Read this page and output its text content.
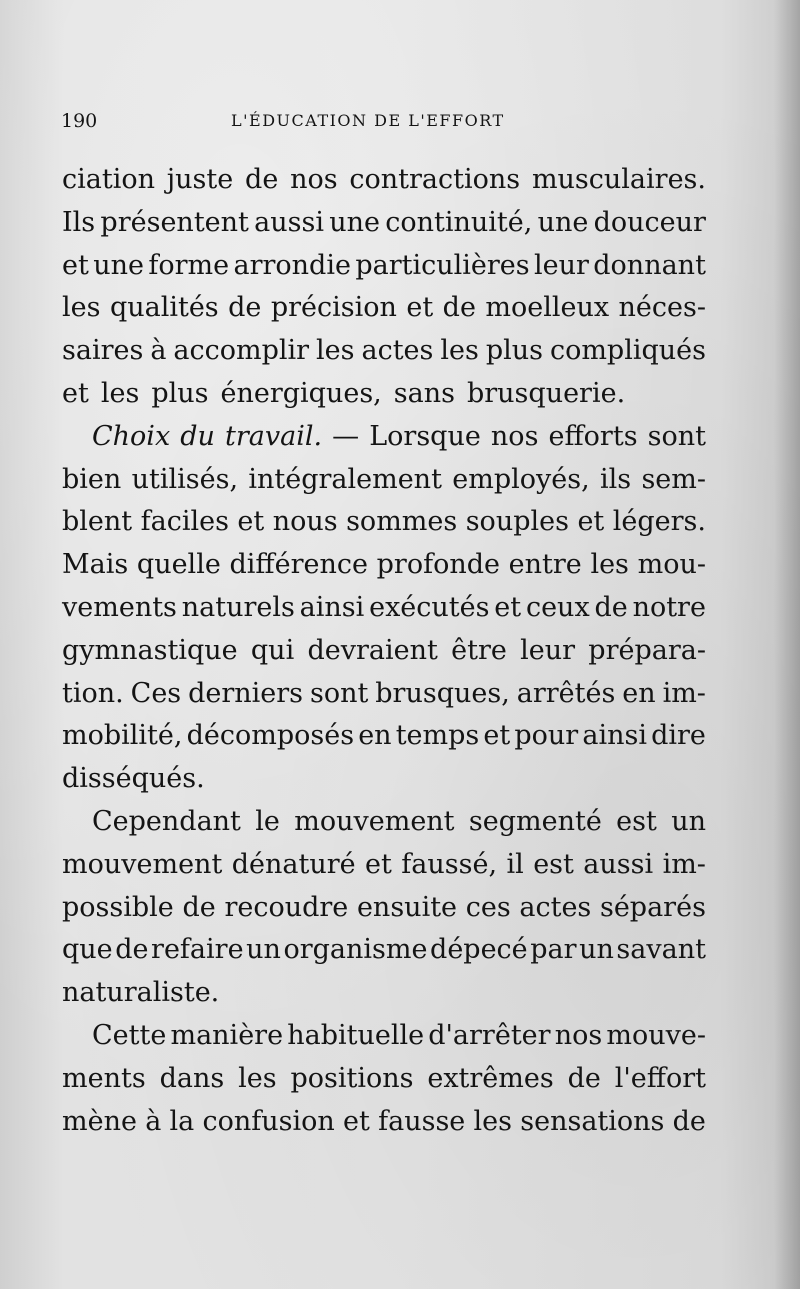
190	L'ÉDUCATION DE L'EFFORT
ciation juste de nos contractions musculaires.
Ils présentent aussi une continuité, une douceur
et une forme arrondie particulières leur donnant
les qualités de précision et de moelleux néces-
saires à accomplir les actes les plus compliqués
et les plus énergiques, sans brusquerie.
Choix du travail. — Lorsque nos efforts sont
bien utilisés, intégralement employés, ils sem-
blent faciles et nous sommes souples et légers.
Mais quelle différence profonde entre les mou-
vements naturels ainsi exécutés et ceux de notre
gymnastique qui devraient être leur prépara-
tion. Ces derniers sont brusques, arrêtés en im-
mobilité, décomposés en temps et pour ainsi dire
disséqués.
Cependant le mouvement segmenté est un
mouvement dénaturé et faussé, il est aussi im-
possible de recoudre ensuite ces actes séparés
que de refaire un organisme dépecé par un savant
naturaliste.
Cette manière habituelle d'arrêter nos mouve-
ments dans les positions extrêmes de l'effort
mène à la confusion et fausse les sensations de
